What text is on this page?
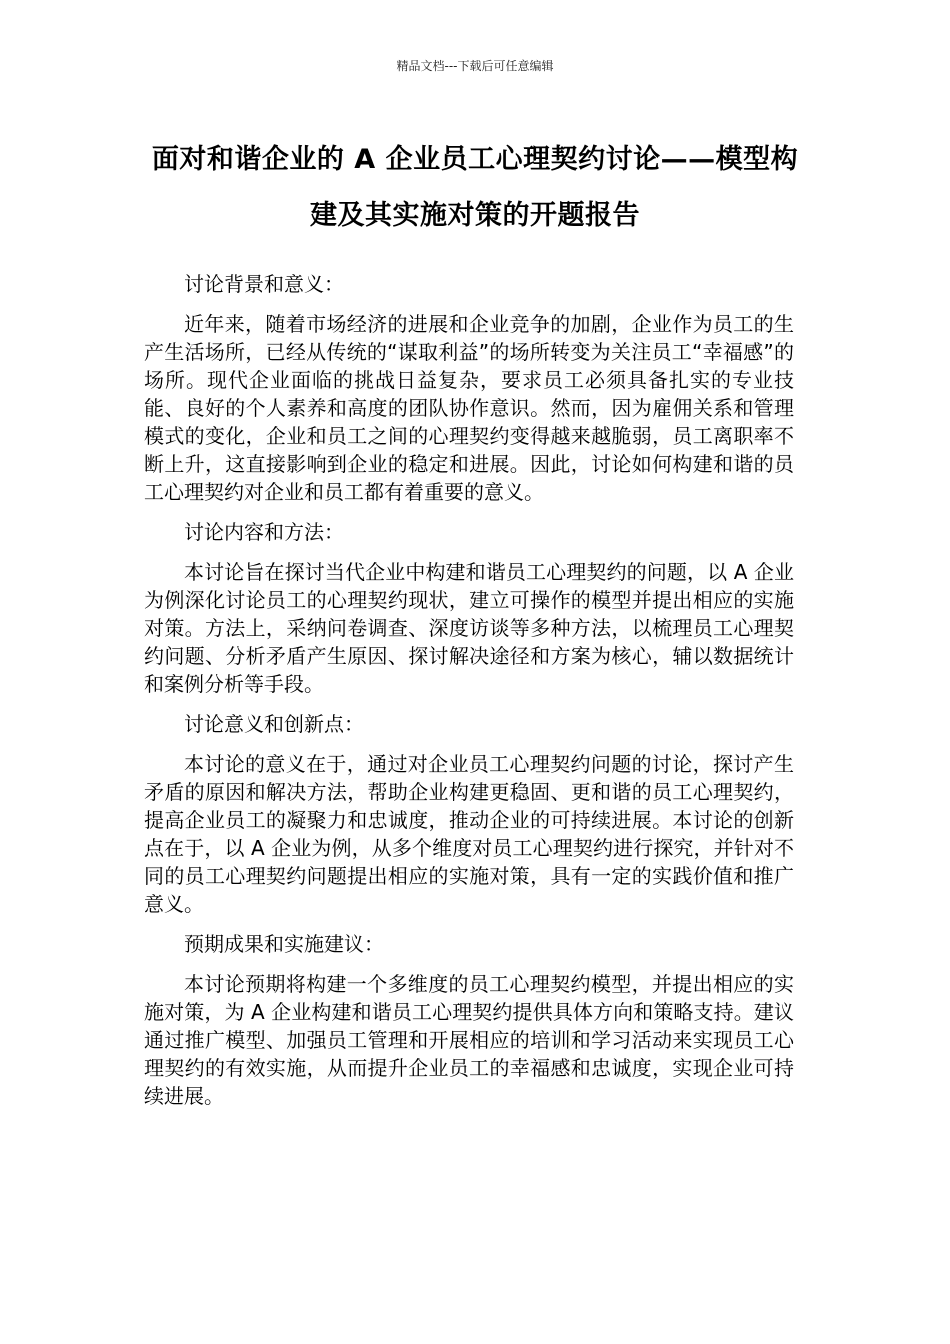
精品文档---下载后可任意编辑
面对和谐企业的 A 企业员工心理契约讨论——模型构建及其实施对策的开题报告

讨论背景和意义：

近年来，随着市场经济的进展和企业竞争的加剧，企业作为员工的生产生活场所，已经从传统的“谋取利益”的场所转变为关注员工“幸福感”的场所。现代企业面临的挑战日益复杂，要求员工必须具备扎实的专业技能、良好的个人素养和高度的团队协作意识。然而，因为雇佣关系和管理模式的变化，企业和员工之间的心理契约变得越来越脆弱，员工离职率不断上升，这直接影响到企业的稳定和进展。因此，讨论如何构建和谐的员工心理契约对企业和员工都有着重要的意义。

讨论内容和方法：

本讨论旨在探讨当代企业中构建和谐员工心理契约的问题，以 A 企业为例深化讨论员工的心理契约现状，建立可操作的模型并提出相应的实施对策。方法上，采纳问卷调查、深度访谈等多种方法，以梳理员工心理契约问题、分析矛盾产生原因、探讨解决途径和方案为核心，辅以数据统计和案例分析等手段。

讨论意义和创新点：

本讨论的意义在于，通过对企业员工心理契约问题的讨论，探讨产生矛盾的原因和解决方法，帮助企业构建更稳固、更和谐的员工心理契约，提高企业员工的凝聚力和忠诚度，推动企业的可持续进展。本讨论的创新点在于，以 A 企业为例，从多个维度对员工心理契约进行探究，并针对不同的员工心理契约问题提出相应的实施对策，具有一定的实践价值和推广意义。

预期成果和实施建议：

本讨论预期将构建一个多维度的员工心理契约模型，并提出相应的实施对策，为 A 企业构建和谐员工心理契约提供具体方向和策略支持。建议通过推广模型、加强员工管理和开展相应的培训和学习活动来实现员工心理契约的有效实施，从而提升企业员工的幸福感和忠诚度，实现企业可持续进展。
